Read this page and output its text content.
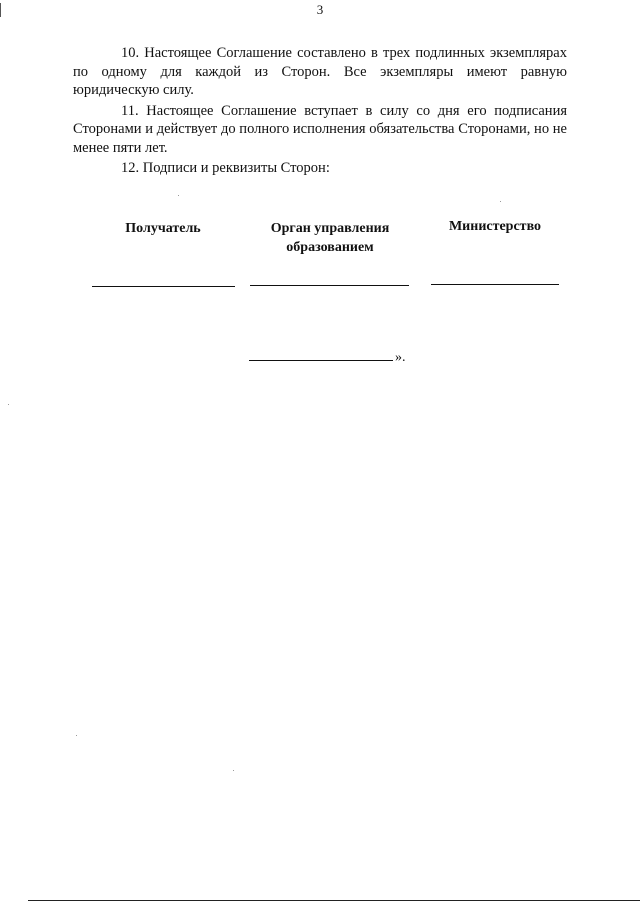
3

10. Настоящее Соглашение составлено в трех подлинных экземплярах по одному для каждой из Сторон. Все экземпляры имеют равную юридическую силу.

11. Настоящее Соглашение вступает в силу со дня его подписания Сторонами и действует до полного исполнения обязательства Сторонами, но не менее пяти лет.

12. Подписи и реквизиты Сторон:

Получатель	Орган управления образованием
Министерство
».
